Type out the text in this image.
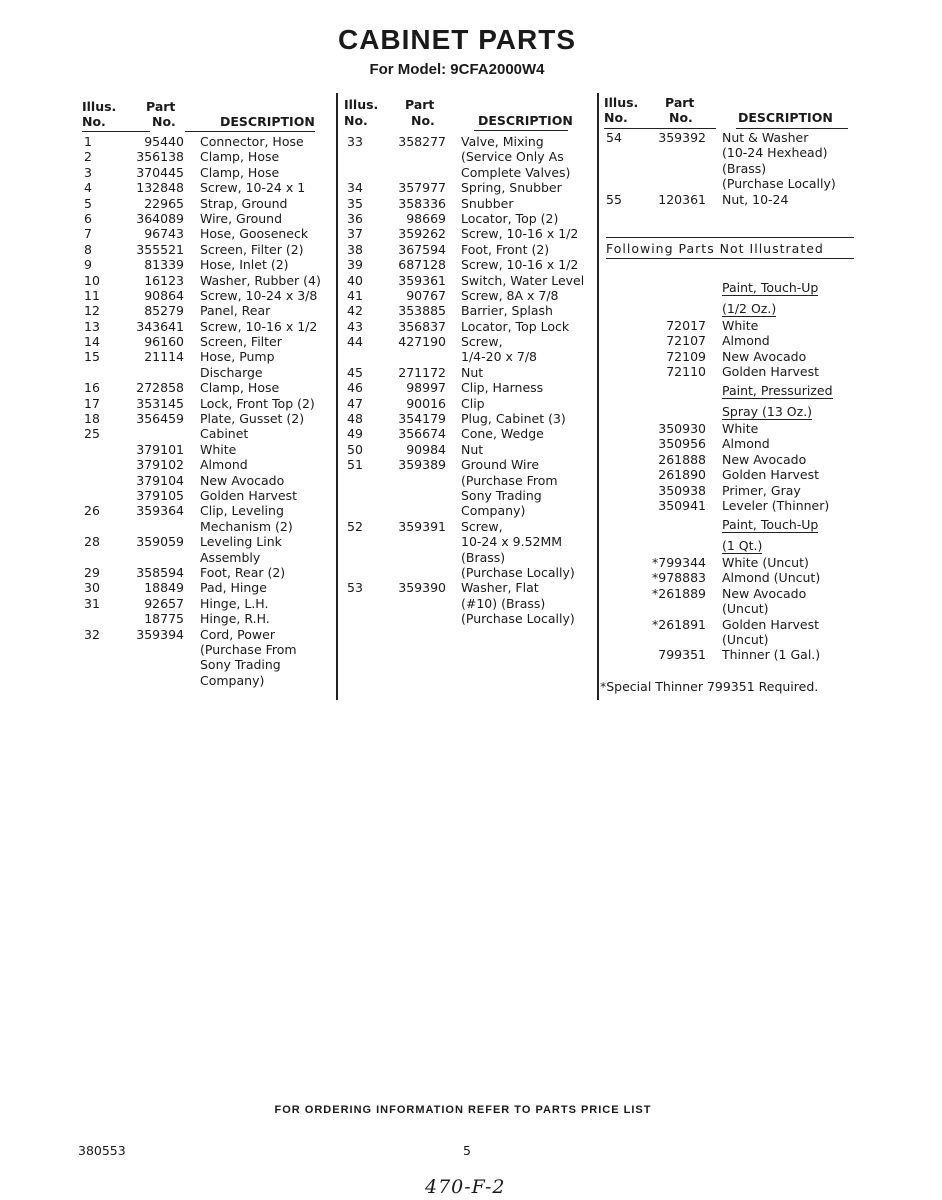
CABINET PARTS
For Model: 9CFA2000W4
Illus.
No.
Part
No.	DESCRIPTION
Illus.
No.
Part
No.	DESCRIPTION
Illus.
No.
Part
No.	DESCRIPTION
1	95440 Connector, Hose
2	356138 Clamp, Hose
3	370445 Clamp, Hose
4	132848 Screw, 10-24 x 1
5	22965 Strap, Ground
6	364089 Wire, Ground
7	96743 Hose, Gooseneck
8	355521 Screen, Filter (2)
9	81339 Hose, Inlet (2)
10	16123 Washer, Rubber (4)
11	90864 Screw, 10-24 x 3/8
12	85279 Panel, Rear
13	343641 Screw, 10-16 x 1/2
14	96160 Screen, Filter
15	21114 Hose, Pump
Discharge
16	272858 Clamp, Hose
17	353145 Lock, Front Top (2)
18	356459 Plate, Gusset (2)
25	Cabinet
379101 White
379102 Almond
379104 New Avocado
379105 Golden Harvest
26	359364 Clip, Leveling
Mechanism (2)
28	359059 Leveling Link
Assembly
29	358594 Foot, Rear (2)
30	18849 Pad, Hinge
31	92657 Hinge, L.H.
18775 Hinge, R.H.
32	359394 Cord, Power
(Purchase From
Sony Trading
Company)
33	358277 Valve, Mixing
(Service Only As
Complete Valves)
34	357977 Spring, Snubber
35	358336 Snubber
36	98669 Locator, Top (2)
37	359262 Screw, 10-16 x 1/2
38	367594 Foot, Front (2)
39	687128 Screw, 10-16 x 1/2
40	359361 Switch, Water Level
41	90767 Screw, 8A x 7/8
42	353885 Barrier, Splash
43	356837 Locator, Top Lock
44	427190 Screw,
1/4-20 x 7/8
45	271172 Nut
46	98997 Clip, Harness
47	90016 Clip
48	354179 Plug, Cabinet (3)
49	356674 Cone, Wedge
50	90984 Nut
51	359389 Ground Wire
(Purchase From
Sony Trading
Company)
52	359391 Screw,
10-24 x 9.52MM
(Brass)
(Purchase Locally)
53	359390 Washer, Flat
(#10) (Brass)
(Purchase Locally)
54	359392 Nut & Washer
(10-24 Hexhead)
(Brass)
(Purchase Locally)
55	120361 Nut, 10-24
Following Parts Not Illustrated
Paint, Touch-Up
(1/2 Oz.)
72017 White
72107 Almond
72109 New Avocado
72110 Golden Harvest
Paint, Pressurized
Spray (13 Oz.)
350930 White
350956 Almond
261888 New Avocado
261890 Golden Harvest
350938 Primer, Gray
350941 Leveler (Thinner)
Paint, Touch-Up
(1 Qt.)
*799344 White (Uncut)
*978883 Almond (Uncut)
*261889 New Avocado
(Uncut)
*261891 Golden Harvest
(Uncut)
799351 Thinner (1 Gal.)
*Special Thinner 799351 Required.
FOR ORDERING INFORMATION REFER TO PARTS PRICE LIST
380553	5
470-F-2
